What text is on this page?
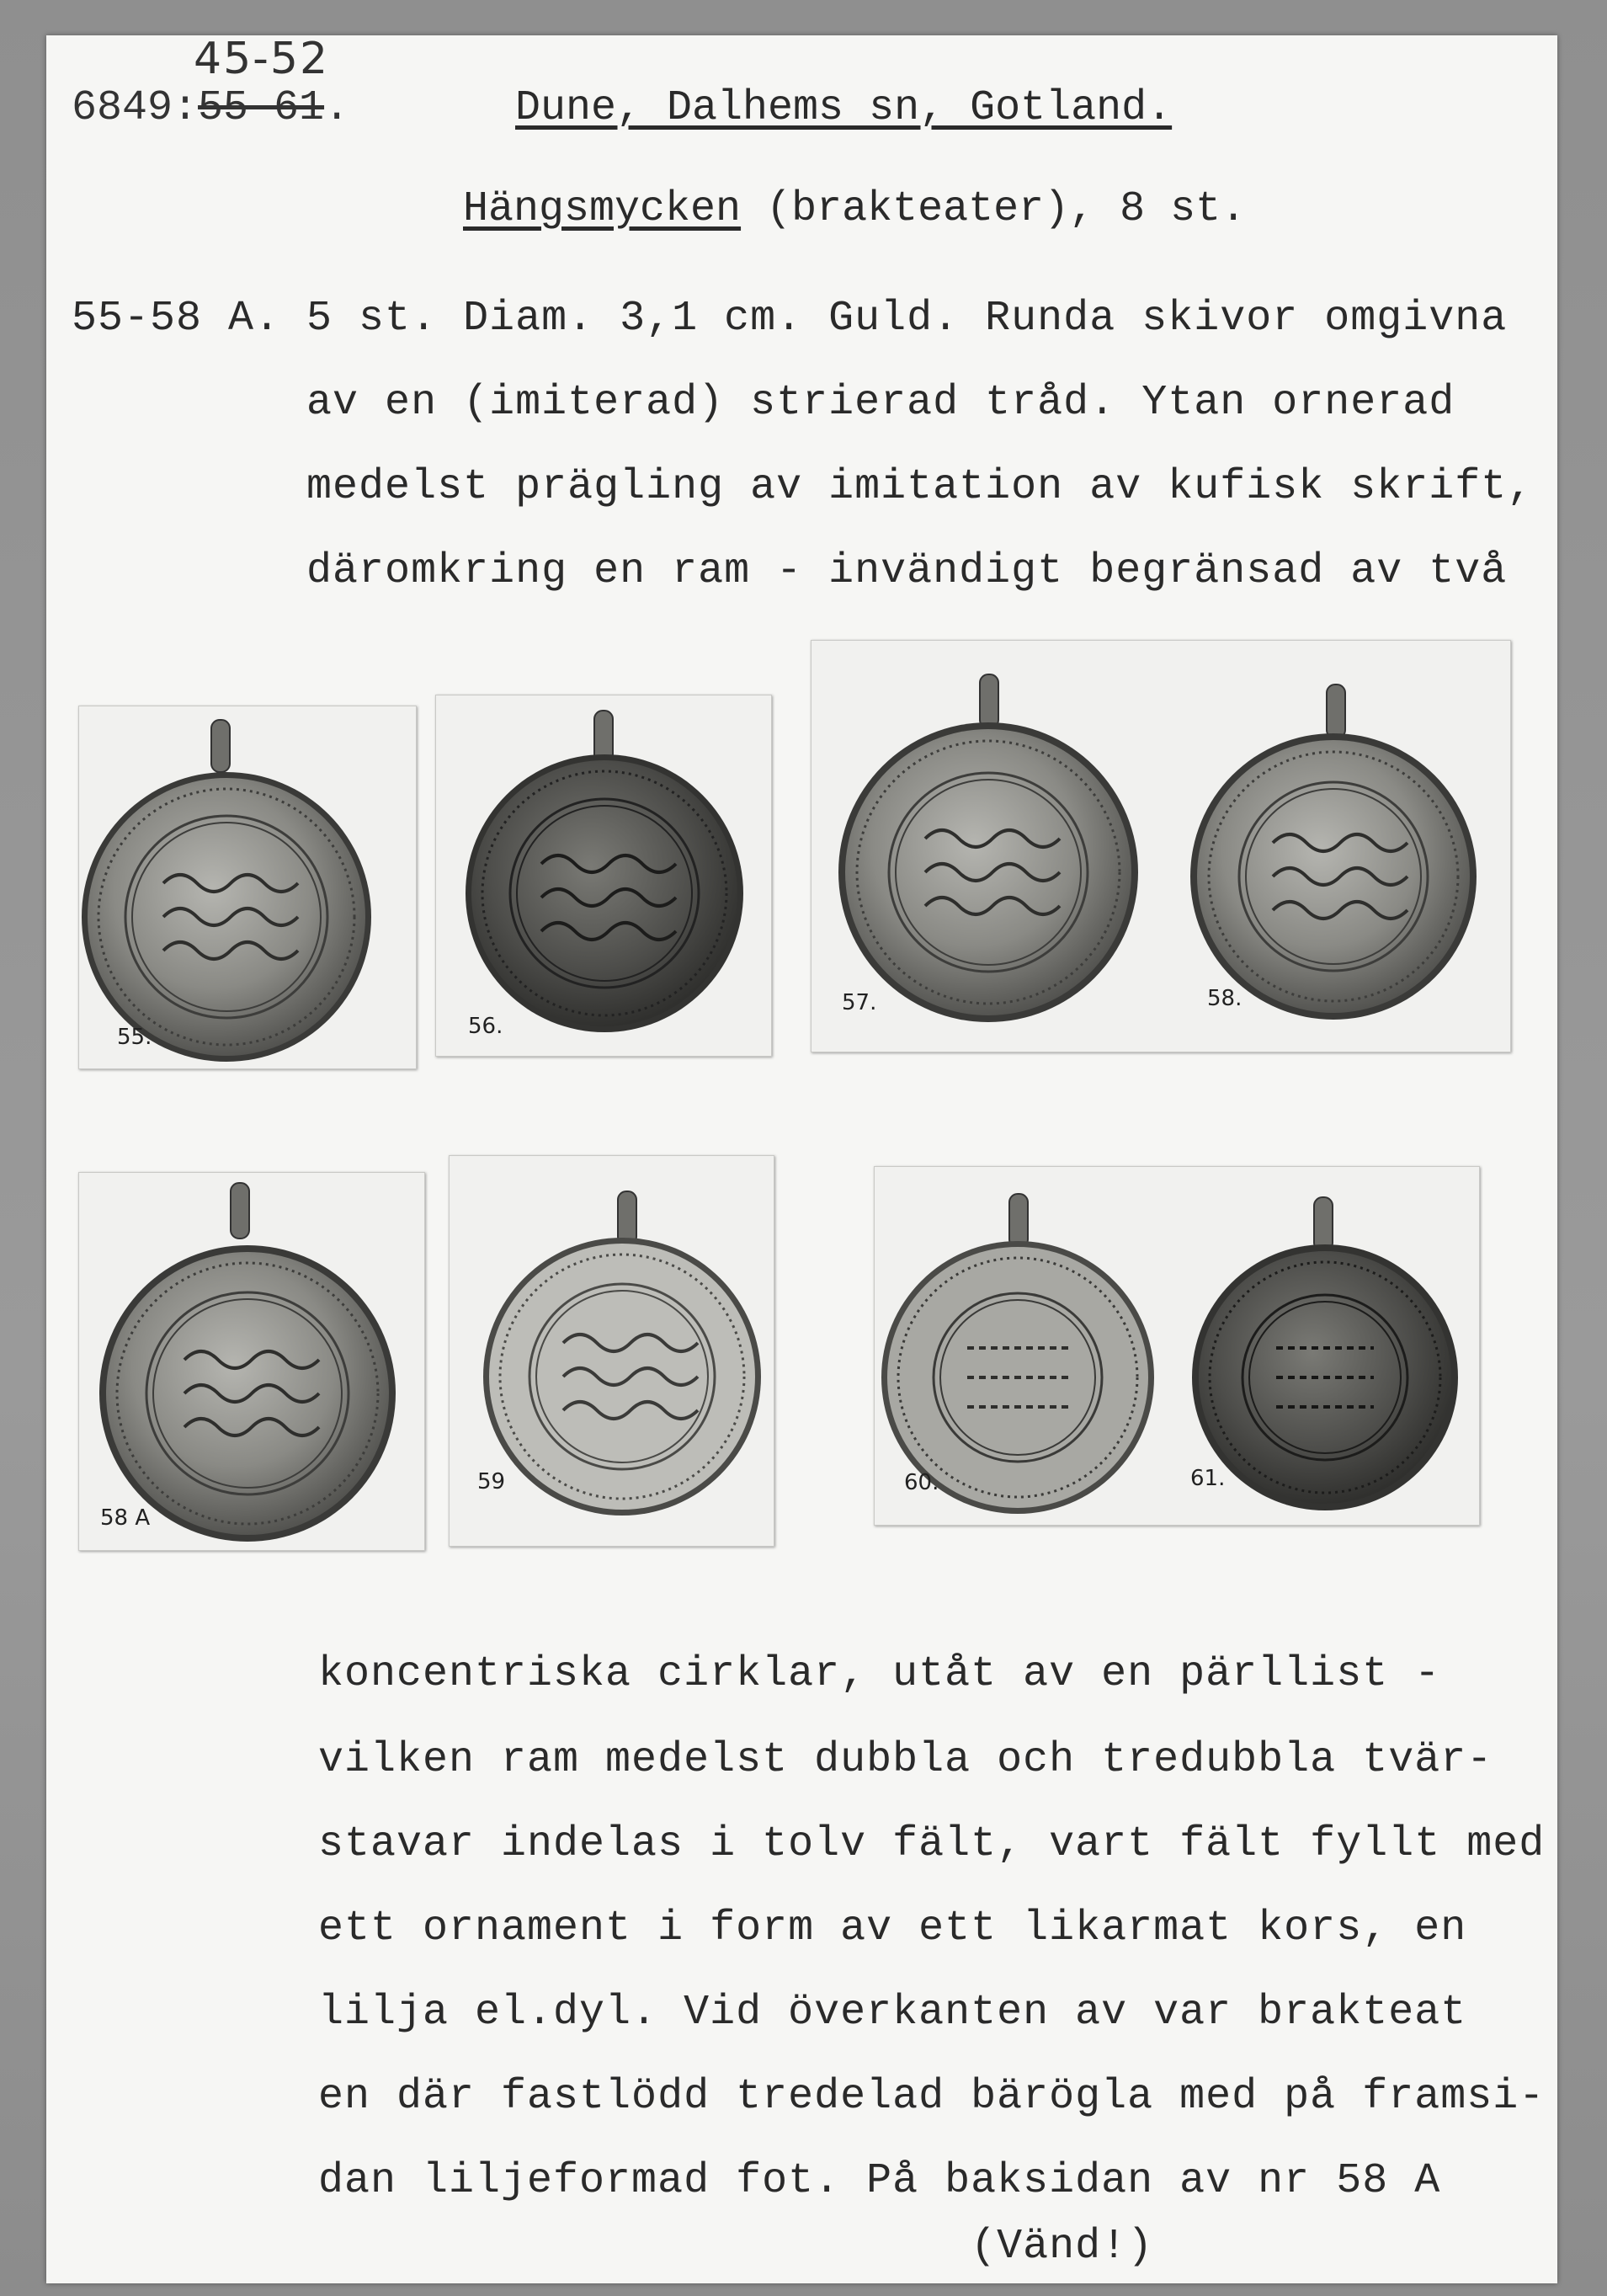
45-52
6849:55-61.	Dune, Dalhems sn, Gotland.
Hängsmycken (brakteater), 8 st.
55-58 A. 5 st. Diam. 3,1 cm. Guld. Runda skivor omgivna
av en (imiterad) strierad tråd. Ytan ornerad
medelst prägling av imitation av kufisk skrift,
däromkring en ram - invändigt begränsad av två
55.	56.
57.	58.
58 A
59	60.	61.
koncentriska cirklar, utåt av en pärllist -
vilken ram medelst dubbla och tredubbla tvär-
stavar indelas i tolv fält, vart fält fyllt med
ett ornament i form av ett likarmat kors, en
lilja el.dyl. Vid överkanten av var brakteat
en där fastlödd tredelad bärögla med på framsi-
dan liljeformad fot. På baksidan av nr 58 A
(Vänd!)
